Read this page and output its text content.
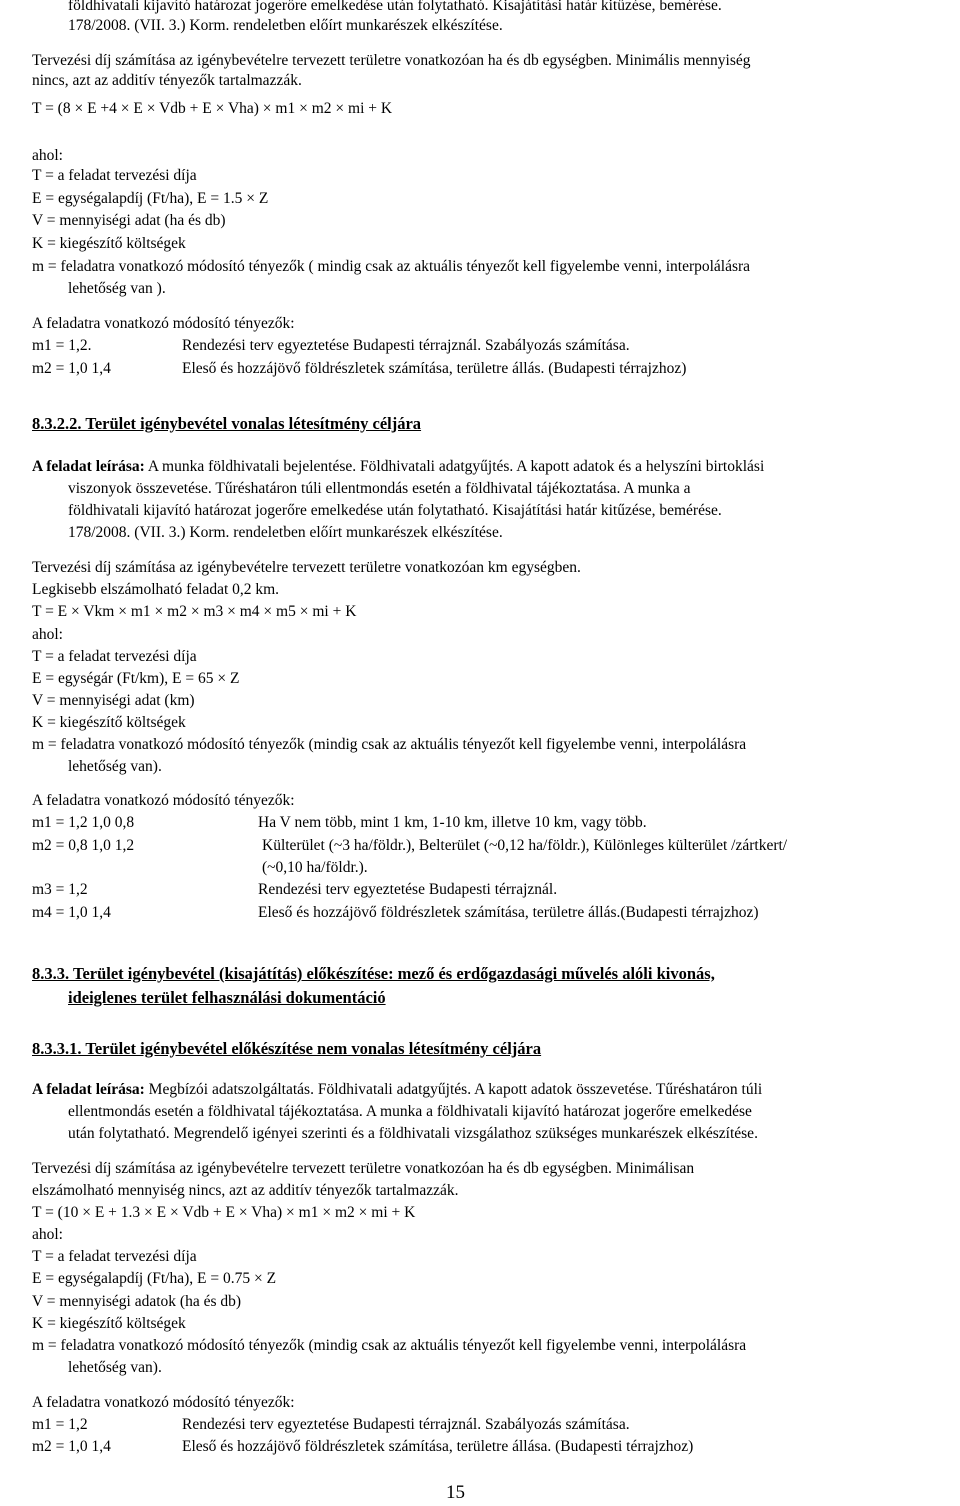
földhivatali kijavító határozat jogerőre emelkedése után folytatható. Kisajátítási határ kitűzése, bemérése.
178/2008. (VII. 3.) Korm. rendeletben előírt munkarészek elkészítése.
Tervezési díj számítása az igénybevételre tervezett területre vonatkozóan ha és db egységben. Minimális mennyiség
nincs, azt az additív tényezők tartalmazzák.
T = (8 × E +4 × E × Vdb + E × Vha) × m1 × m2 × mi + K
ahol:
T = a feladat tervezési díja
E = egységalapdíj (Ft/ha), E = 1.5 × Z
V = mennyiségi adat (ha és db)
K = kiegészítő költségek
m = feladatra vonatkozó módosító tényezők ( mindig csak az aktuális tényezőt kell figyelembe venni, interpolálásra
lehetőség van ).
A feladatra vonatkozó módosító tényezők:
m1 = 1,2.	Rendezési terv egyeztetése Budapesti térrajznál. Szabályozás számítása.
m2 = 1,0 1,4	Eleső és hozzájövő földrészletek számítása, területre állás. (Budapesti térrajzhoz)
8.3.2.2. Terület igénybevétel vonalas létesítmény céljára
A feladat leírása: A munka földhivatali bejelentése. Földhivatali adatgyűjtés. A kapott adatok és a helyszíni birtoklási
viszonyok összevetése. Tűréshatáron túli ellentmondás esetén a földhivatal tájékoztatása. A munka a
földhivatali kijavító határozat jogerőre emelkedése után folytatható. Kisajátítási határ kitűzése, bemérése.
178/2008. (VII. 3.) Korm. rendeletben előírt munkarészek elkészítése.
Tervezési díj számítása az igénybevételre tervezett területre vonatkozóan km egységben.
Legkisebb elszámolható feladat 0,2 km.
T = E × Vkm × m1 × m2 × m3 × m4 × m5 × mi + K
ahol:
T = a feladat tervezési díja
E = egységár (Ft/km), E = 65 × Z
V = mennyiségi adat (km)
K = kiegészítő költségek
m = feladatra vonatkozó módosító tényezők (mindig csak az aktuális tényezőt kell figyelembe venni, interpolálásra
lehetőség van).
A feladatra vonatkozó módosító tényezők:
m1 = 1,2 1,0 0,8	Ha V nem több, mint 1 km, 1-10 km, illetve 10 km, vagy több.
m2 = 0,8 1,0 1,2	Külterület (~3 ha/földr.), Belterület (~0,12 ha/földr.), Különleges külterület /zártkert/
(~0,10 ha/földr.).
m3 = 1,2	Rendezési terv egyeztetése Budapesti térrajznál.
m4 = 1,0 1,4	Eleső és hozzájövő földrészletek számítása, területre állás.(Budapesti térrajzhoz)
8.3.3. Terület igénybevétel (kisajátítás) előkészítése: mező és erdőgazdasági művelés alóli kivonás,
ideiglenes terület felhasználási dokumentáció
8.3.3.1. Terület igénybevétel előkészítése nem vonalas létesítmény céljára
A feladat leírása: Megbízói adatszolgáltatás. Földhivatali adatgyűjtés. A kapott adatok összevetése. Tűréshatáron túli
ellentmondás esetén a földhivatal tájékoztatása. A munka a földhivatali kijavító határozat jogerőre emelkedése
után folytatható. Megrendelő igényei szerinti és a földhivatali vizsgálathoz szükséges munkarészek elkészítése.
Tervezési díj számítása az igénybevételre tervezett területre vonatkozóan ha és db egységben. Minimálisan
elszámolható mennyiség nincs, azt az additív tényezők tartalmazzák.
T = (10 × E + 1.3 × E × Vdb + E × Vha) × m1 × m2 × mi + K
ahol:
T = a feladat tervezési díja
E = egységalapdíj (Ft/ha), E = 0.75 × Z
V = mennyiségi adatok (ha és db)
K = kiegészítő költségek
m = feladatra vonatkozó módosító tényezők (mindig csak az aktuális tényezőt kell figyelembe venni, interpolálásra
lehetőség van).
A feladatra vonatkozó módosító tényezők:
m1 = 1,2	Rendezési terv egyeztetése Budapesti térrajznál. Szabályozás számítása.
m2 = 1,0 1,4	Eleső és hozzájövő földrészletek számítása, területre állása. (Budapesti térrajzhoz)
15
